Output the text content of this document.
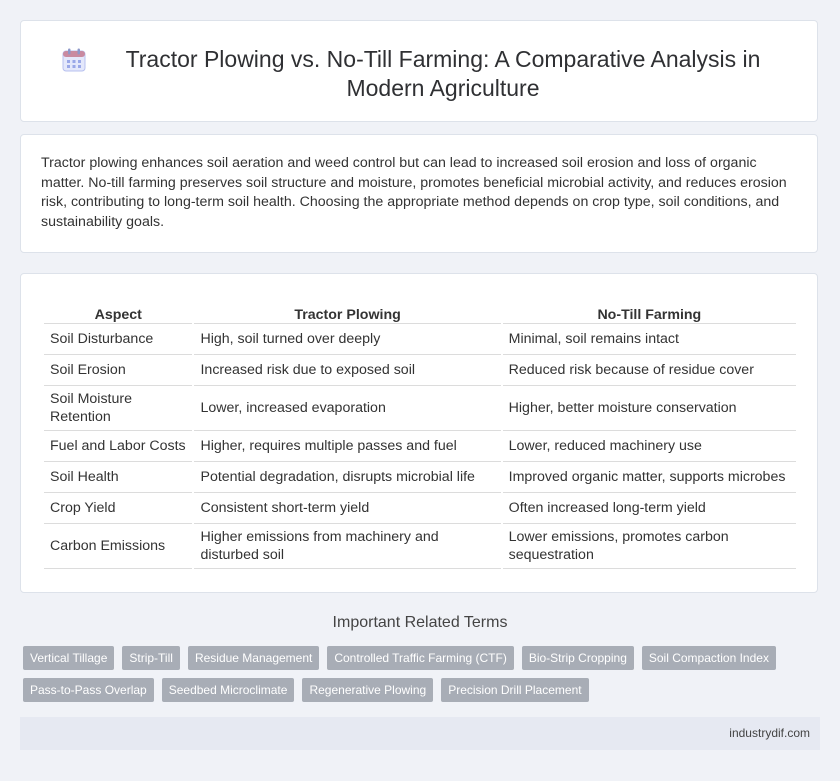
Tractor Plowing vs. No-Till Farming: A Comparative Analysis in Modern Agriculture

Tractor plowing enhances soil aeration and weed control but can lead to increased soil erosion and loss of organic matter. No-till farming preserves soil structure and moisture, promotes beneficial microbial activity, and reduces erosion risk, contributing to long-term soil health. Choosing the appropriate method depends on crop type, soil conditions, and sustainability goals.

Aspect	Tractor Plowing	No-Till Farming
Soil Disturbance	High, soil turned over deeply	Minimal, soil remains intact
Soil Erosion	Increased risk due to exposed soil	Reduced risk because of residue cover
Soil Moisture Retention	Lower, increased evaporation	Higher, better moisture conservation
Fuel and Labor Costs	Higher, requires multiple passes and fuel	Lower, reduced machinery use
Soil Health	Potential degradation, disrupts microbial life	Improved organic matter, supports microbes
Crop Yield	Consistent short-term yield	Often increased long-term yield
Carbon Emissions	Higher emissions from machinery and disturbed soil	Lower emissions, promotes carbon sequestration
Important Related Terms
Vertical Tillage	Strip-Till	Residue Management	Controlled Traffic Farming (CTF)	Bio-Strip Cropping	Soil Compaction Index
Pass-to-Pass Overlap	Seedbed Microclimate	Regenerative Plowing	Precision Drill Placement
industrydif.com
